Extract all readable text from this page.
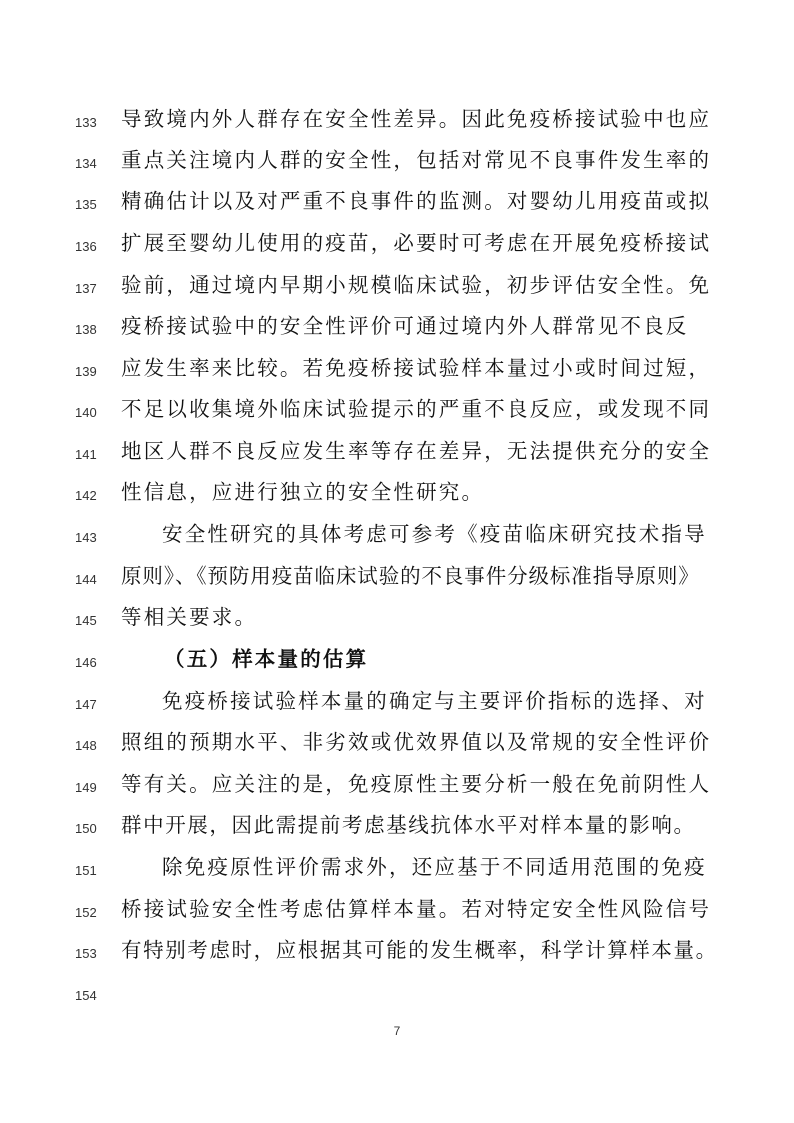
133	导致境内外人群存在安全性差异。因此免疫桥接试验中也应
134	重点关注境内人群的安全性，包括对常见不良事件发生率的
135	精确估计以及对严重不良事件的监测。对婴幼儿用疫苗或拟
136	扩展至婴幼儿使用的疫苗，必要时可考虑在开展免疫桥接试
137	验前，通过境内早期小规模临床试验，初步评估安全性。免
138	疫桥接试验中的安全性评价可通过境内外人群常见不良反
139	应发生率来比较。若免疫桥接试验样本量过小或时间过短，
140	不足以收集境外临床试验提示的严重不良反应，或发现不同
141	地区人群不良反应发生率等存在差异，无法提供充分的安全
142	性信息，应进行独立的安全性研究。
143	安全性研究的具体考虑可参考《疫苗临床研究技术指导
144	原则》、《预防用疫苗临床试验的不良事件分级标准指导原则》
145	等相关要求。
146	（五）样本量的估算
147	免疫桥接试验样本量的确定与主要评价指标的选择、对
148	照组的预期水平、非劣效或优效界值以及常规的安全性评价
149	等有关。应关注的是，免疫原性主要分析一般在免前阴性人
150	群中开展，因此需提前考虑基线抗体水平对样本量的影响。
151	除免疫原性评价需求外，还应基于不同适用范围的免疫
152	桥接试验安全性考虑估算样本量。若对特定安全性风险信号
153	有特别考虑时，应根据其可能的发生概率，科学计算样本量。
154
7
